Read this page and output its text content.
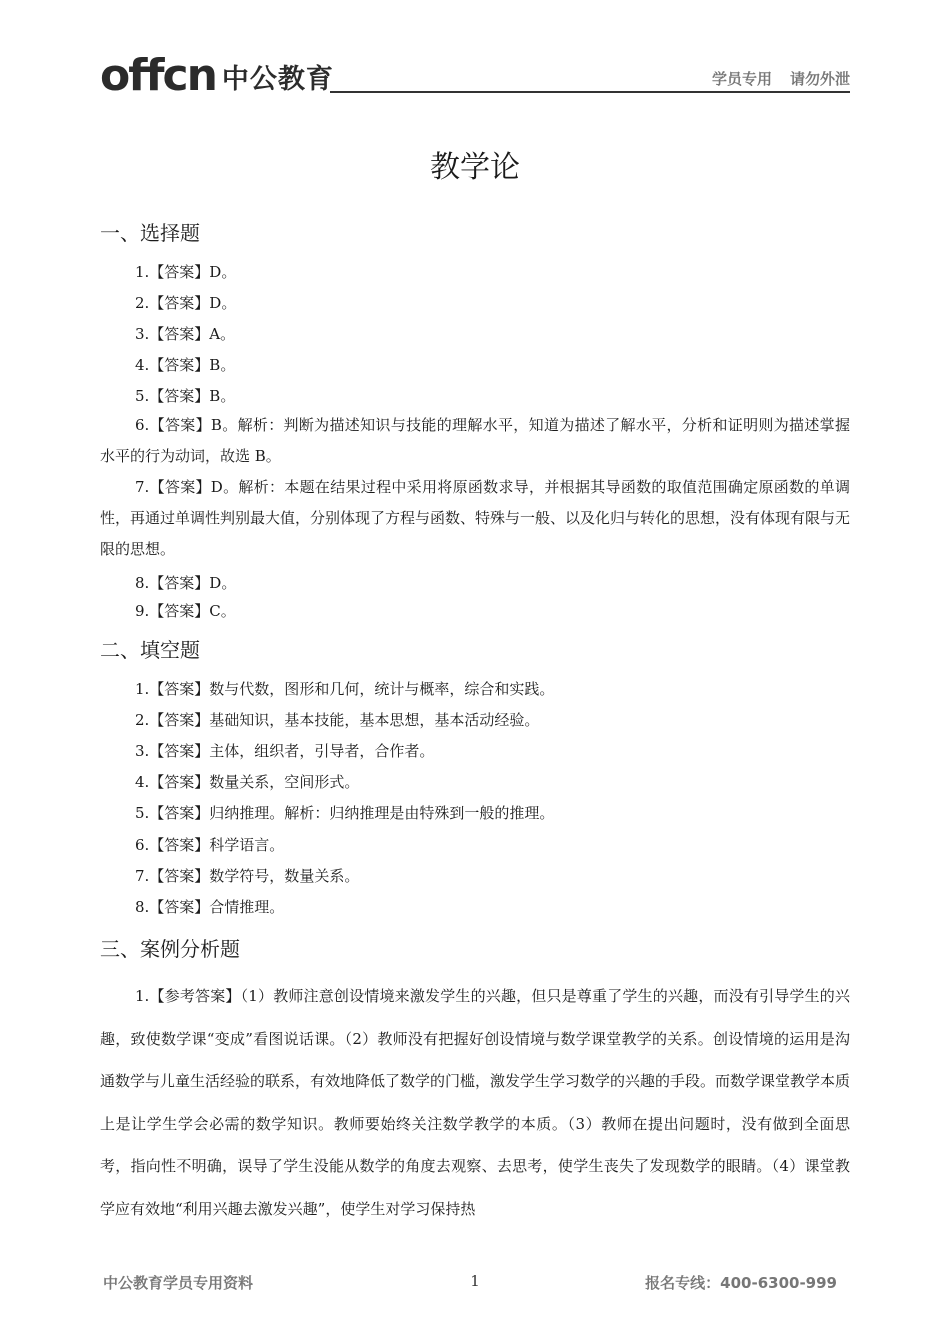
offcn 中公教育	学员专用 请勿外泄
教学论
一、选择题
1.【答案】D。
2.【答案】D。
3.【答案】A。
4.【答案】B。
5.【答案】B。

6.【答案】B。解析：判断为描述知识与技能的理解水平，知道为描述了解水平，分析和证明则为描述掌握水平的行为动词，故选 B。

7.【答案】D。解析：本题在结果过程中采用将原函数求导，并根据其导函数的取值范围确定原函数的单调性，再通过单调性判别最大值，分别体现了方程与函数、特殊与一般、以及化归与转化的思想，没有体现有限与无限的思想。

8.【答案】D。
9.【答案】C。
二、填空题
1.【答案】数与代数，图形和几何，统计与概率，综合和实践。
2.【答案】基础知识，基本技能，基本思想，基本活动经验。
3.【答案】主体，组织者，引导者，合作者。
4.【答案】数量关系，空间形式。
5.【答案】归纳推理。解析：归纳推理是由特殊到一般的推理。
6.【答案】科学语言。
7.【答案】数学符号，数量关系。
8.【答案】合情推理。
三、案例分析题

1.【参考答案】（1）教师注意创设情境来激发学生的兴趣，但只是尊重了学生的兴趣，而没有引导学生的兴趣，致使数学课“变成”看图说话课。（2）教师没有把握好创设情境与数学课堂教学的关系。创设情境的运用是沟通数学与儿童生活经验的联系，有效地降低了数学的门槛，激发学生学习数学的兴趣的手段。而数学课堂教学本质上是让学生学会必需的数学知识。教师要始终关注数学教学的本质。（3）教师在提出问题时，没有做到全面思考，指向性不明确，误导了学生没能从数学的角度去观察、去思考，使学生丧失了发现数学的眼睛。（4）课堂教学应有效地“利用兴趣去激发兴趣”，使学生对学习保持热

中公教育学员专用资料	1	报名专线：400-6300-999
